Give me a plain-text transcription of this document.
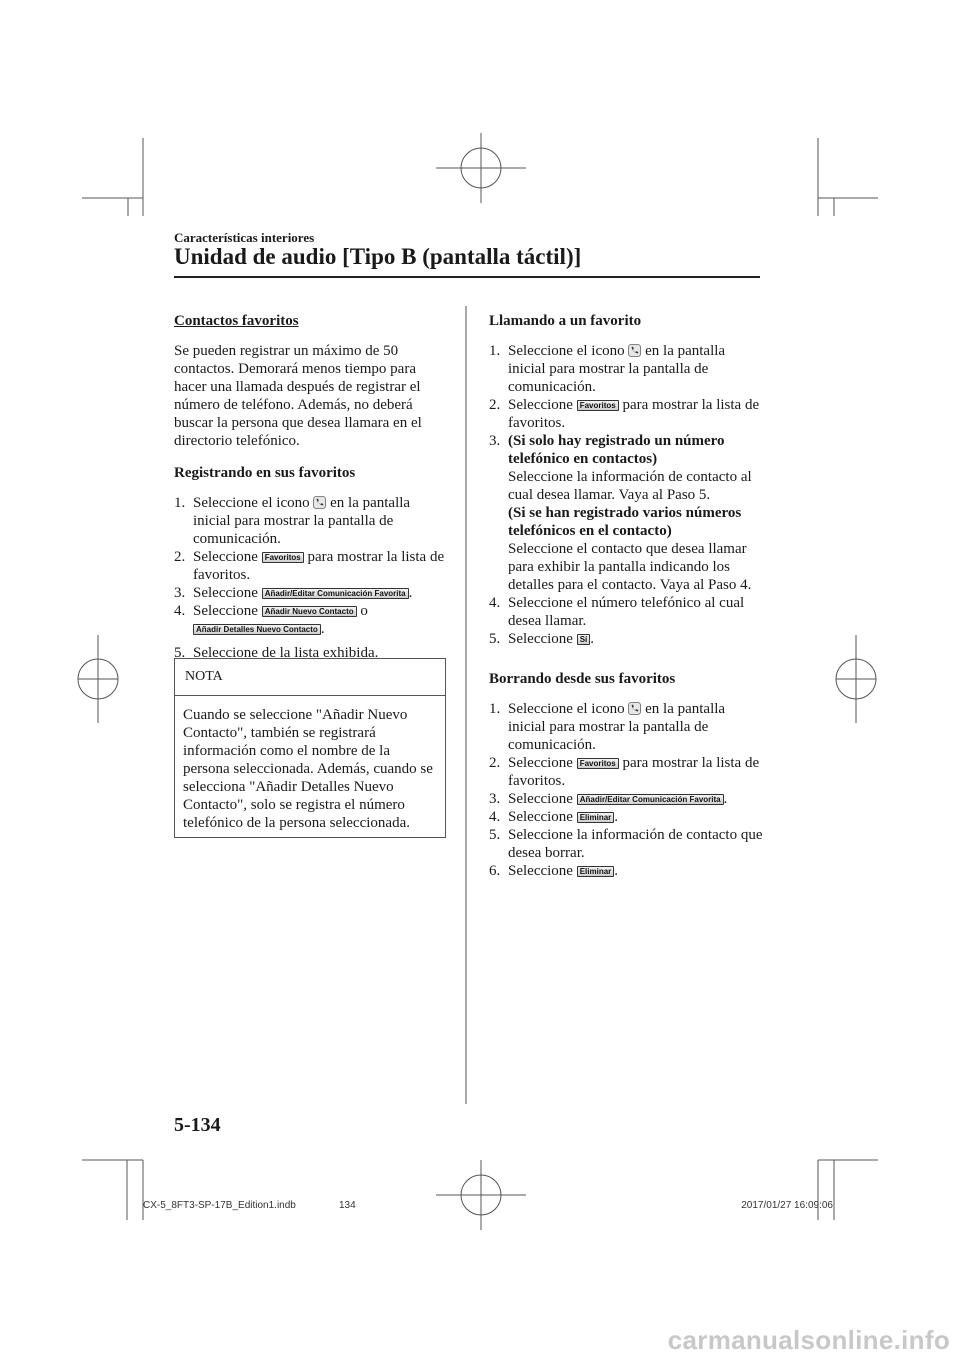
Características interiores

Unidad de audio [Tipo B (pantalla táctil)]

Contactos favoritos

Se pueden registrar un máximo de 50 contactos. Demorará menos tiempo para hacer una llamada después de registrar el número de teléfono. Además, no deberá buscar la persona que desea llamara en el directorio telefónico.

Registrando en sus favoritos

1. Seleccione el icono  en la pantalla inicial para mostrar la pantalla de comunicación.
2. Seleccione Favoritos para mostrar la lista de favoritos.
3. Seleccione Añadir/Editar Comunicación Favorita .
4. Seleccione Añadir Nuevo Contacto o
Añadir Detalles Nuevo Contacto .
5. Seleccione de la lista exhibida.
NOTA
Cuando se seleccione "Añadir Nuevo Contacto", también se registrará información como el nombre de la persona seleccionada. Además, cuando se selecciona "Añadir Detalles Nuevo Contacto", solo se registra el número telefónico de la persona seleccionada.

Llamando a un favorito

1. Seleccione el icono  en la pantalla inicial para mostrar la pantalla de comunicación.
2. Seleccione Favoritos para mostrar la lista de favoritos.
3. (Si solo hay registrado un número telefónico en contactos)
Seleccione la información de contacto al cual desea llamar. Vaya al Paso 5.
(Si se han registrado varios números telefónicos en el contacto)
Seleccione el contacto que desea llamar para exhibir la pantalla indicando los detalles para el contacto. Vaya al Paso 4.
4. Seleccione el número telefónico al cual desea llamar.
5. Seleccione Sí .

Borrando desde sus favoritos

1. Seleccione el icono  en la pantalla inicial para mostrar la pantalla de comunicación.
2. Seleccione Favoritos para mostrar la lista de favoritos.
3. Seleccione Añadir/Editar Comunicación Favorita .
4. Seleccione Eliminar .
5. Seleccione la información de contacto que desea borrar.
6. Seleccione Eliminar .

5-134

CX-5_8FT3-SP-17B_Edition1.indb	134	2017/01/27 16:09:06
carmanualsonline.info
